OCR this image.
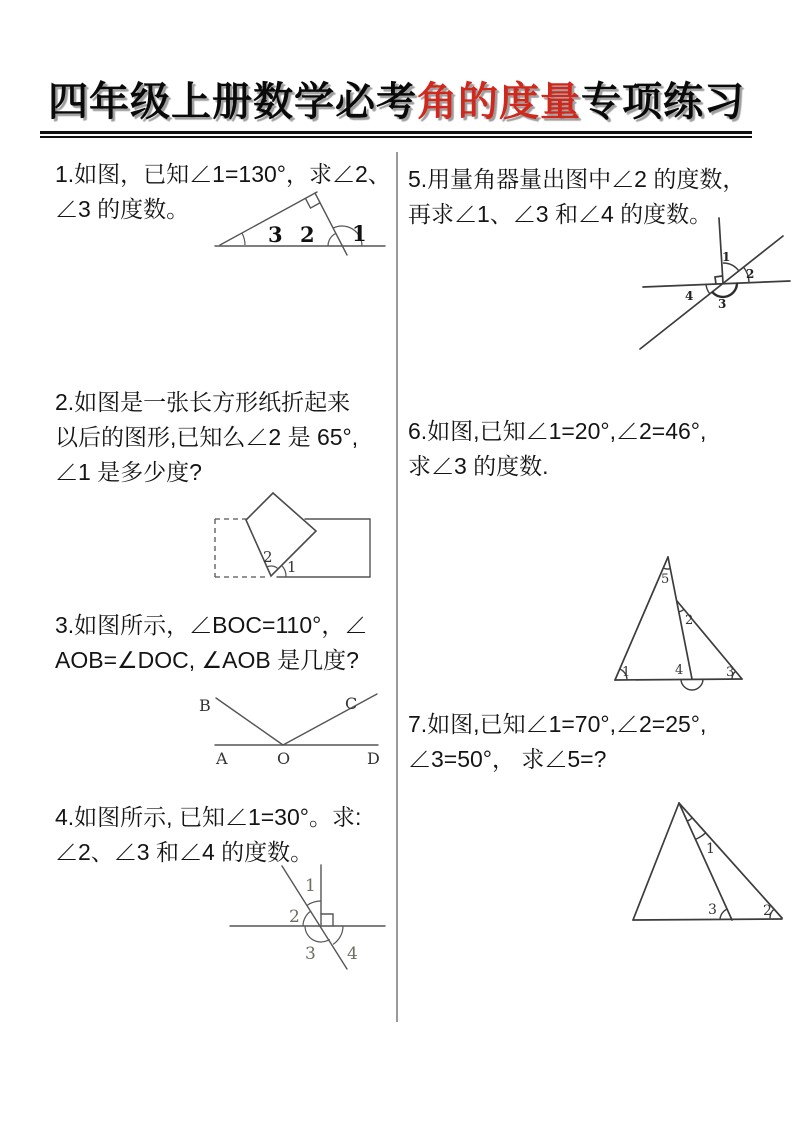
四年级上册数学必考角的度量专项练习
1.如图，已知∠1=130°，求∠2、
∠3 的度数。
3 2 1
2.如图是一张长方形纸折起来
以后的图形,已知么∠2 是 65°,
∠1 是多少度?
2
1
3.如图所示，∠BOC=110°，∠
AOB=∠DOC, ∠AOB 是几度?
B	C
A	O	D
4.如图所示, 已知∠1=30°。求:
∠2、∠3 和∠4 的度数。
1
2
3 4
5.用量角器量出图中∠2 的度数，
再求∠1、∠3 和∠4 的度数。
1
2
3
4
6.如图,已知∠1=20°,∠2=46°,
求∠3 的度数.
5
2
1	4	3
7.如图,已知∠1=70°,∠2=25°,
∠3=50°， 求∠5=?
1
3	2
